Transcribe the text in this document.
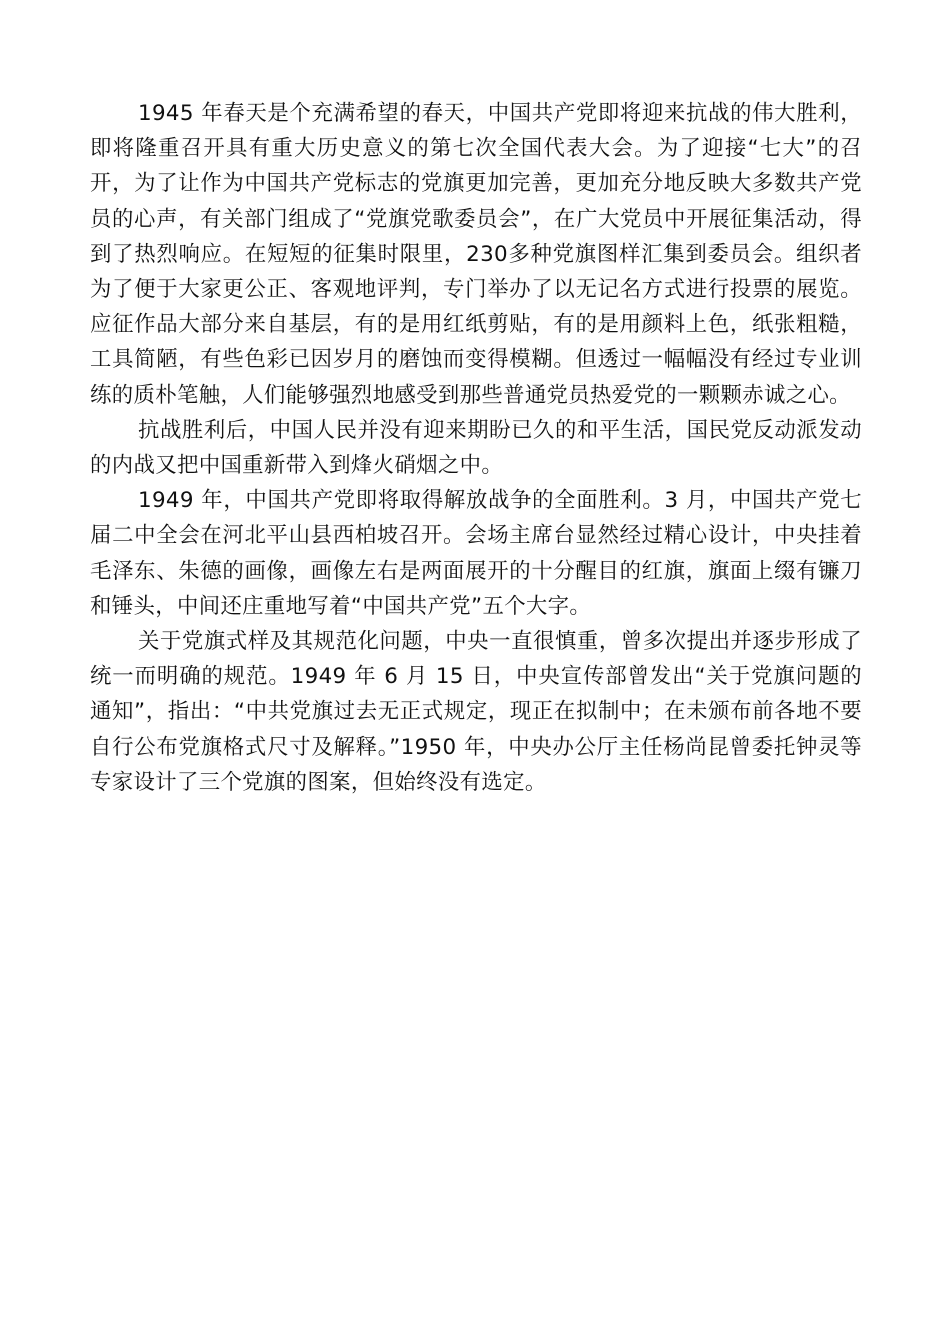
1945 年春天是个充满希望的春天，中国共产党即将迎来抗战的伟大胜利，即将隆重召开具有重大历史意义的第七次全国代表大会。为了迎接“七大”的召开，为了让作为中国共产党标志的党旗更加完善，更加充分地反映大多数共产党员的心声，有关部门组成了“党旗党歌委员会”，在广大党员中开展征集活动，得到了热烈响应。在短短的征集时限里，230多种党旗图样汇集到委员会。组织者为了便于大家更公正、客观地评判，专门举办了以无记名方式进行投票的展览。应征作品大部分来自基层，有的是用红纸剪贴，有的是用颜料上色，纸张粗糙，工具简陋，有些色彩已因岁月的磨蚀而变得模糊。但透过一幅幅没有经过专业训练的质朴笔触，人们能够强烈地感受到那些普通党员热爱党的一颗颗赤诚之心。

抗战胜利后，中国人民并没有迎来期盼已久的和平生活，国民党反动派发动的内战又把中国重新带入到烽火硝烟之中。

1949 年，中国共产党即将取得解放战争的全面胜利。3 月，中国共产党七届二中全会在河北平山县西柏坡召开。会场主席台显然经过精心设计，中央挂着毛泽东、朱德的画像，画像左右是两面展开的十分醒目的红旗，旗面上缀有镰刀和锤头，中间还庄重地写着“中国共产党”五个大字。

关于党旗式样及其规范化问题，中央一直很慎重，曾多次提出并逐步形成了统一而明确的规范。1949 年 6 月 15 日，中央宣传部曾发出“关于党旗问题的通知”，指出：“中共党旗过去无正式规定，现正在拟制中；在未颁布前各地不要自行公布党旗格式尺寸及解释。”1950 年，中央办公厅主任杨尚昆曾委托钟灵等专家设计了三个党旗的图案，但始终没有选定。
